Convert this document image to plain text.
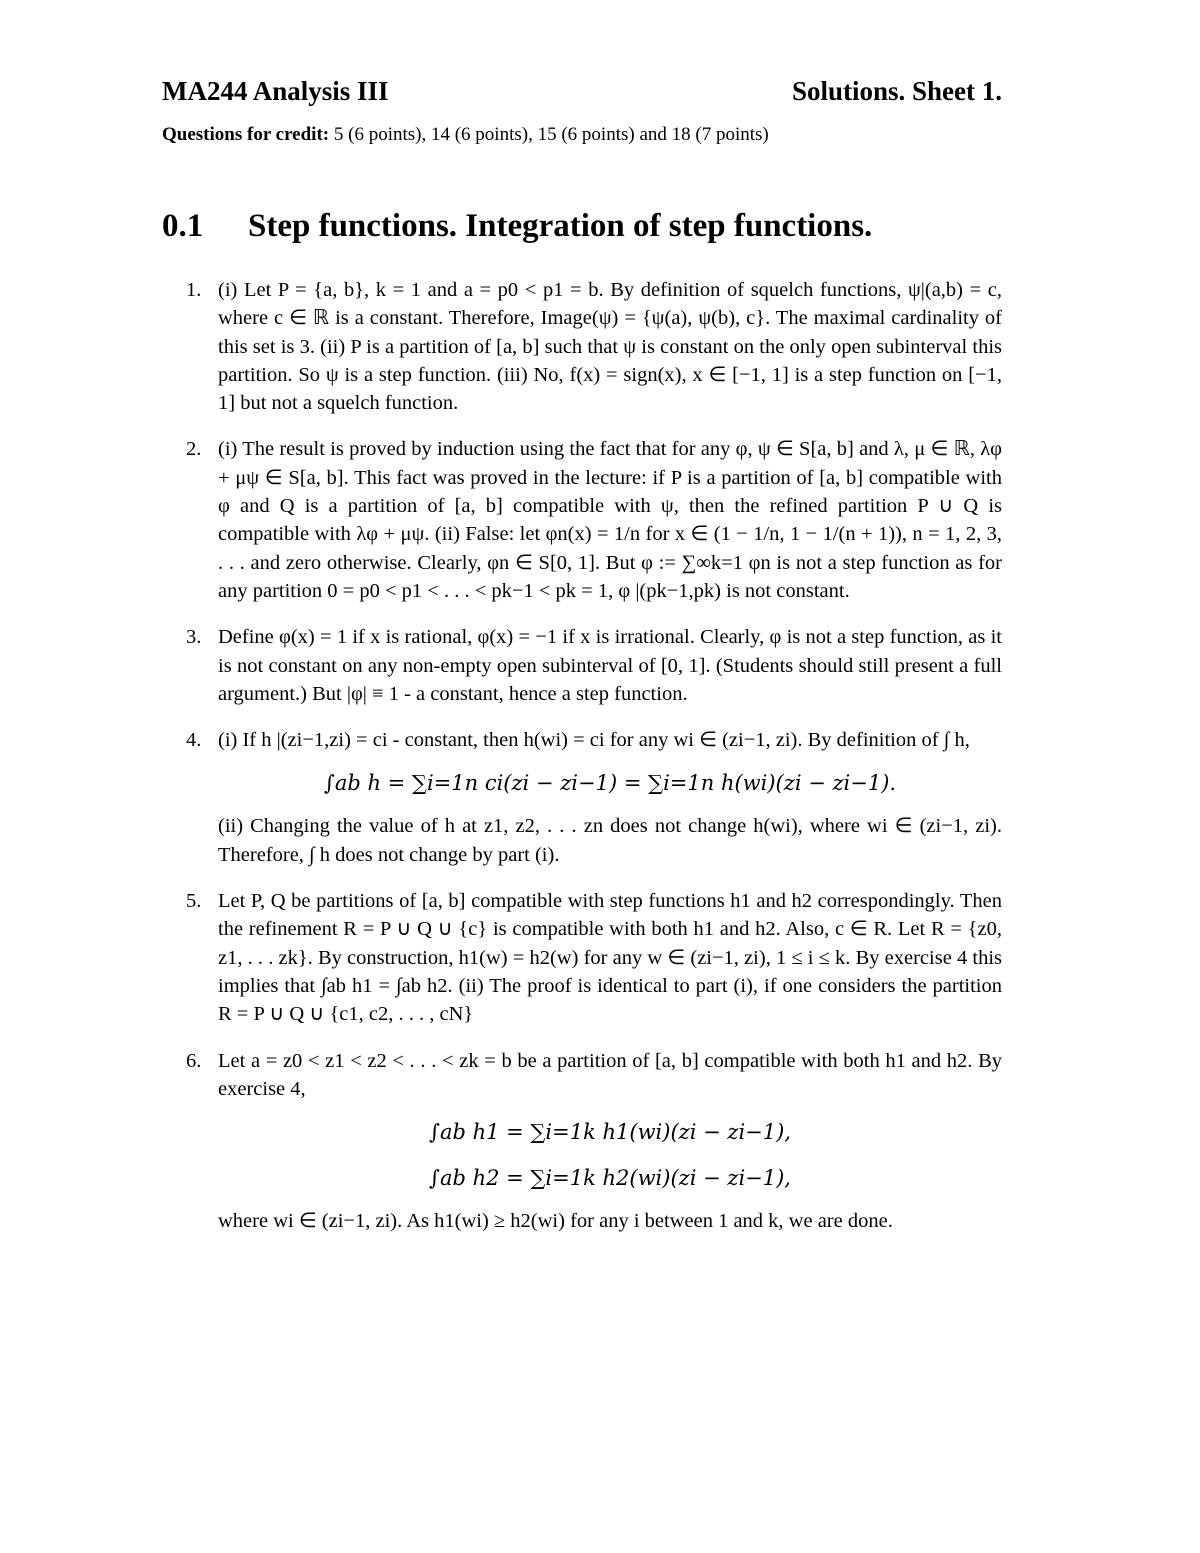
MA244 Analysis III	Solutions. Sheet 1.
Questions for credit: 5 (6 points), 14 (6 points), 15 (6 points) and 18 (7 points)
0.1 Step functions. Integration of step functions.
1. (i) Let P = {a, b}, k = 1 and a = p0 < p1 = b. By definition of squelch functions, ψ|(a,b) = c, where c ∈ ℝ is a constant. Therefore, Image(ψ) = {ψ(a), ψ(b), c}. The maximal cardinality of this set is 3. (ii) P is a partition of [a, b] such that ψ is constant on the only open subinterval this partition. So ψ is a step function. (iii) No, f(x) = sign(x), x ∈ [−1, 1] is a step function on [−1, 1] but not a squelch function.

2. (i) The result is proved by induction using the fact that for any φ, ψ ∈ S[a, b] and λ, μ ∈ ℝ, λφ + μψ ∈ S[a, b]. This fact was proved in the lecture: if P is a partition of [a, b] compatible with φ and Q is a partition of [a, b] compatible with ψ, then the refined partition P ∪ Q is compatible with λφ + μψ. (ii) False: let φn(x) = 1/n for x ∈ (1 − 1/n, 1 − 1/(n + 1)), n = 1, 2, 3, . . . and zero otherwise. Clearly, φn ∈ S[0, 1]. But φ := ∑∞k=1 φn is not a step function as for any partition 0 = p0 < p1 < . . . < pk−1 < pk = 1, φ |(pk−1,pk) is not constant.

3. Define φ(x) = 1 if x is rational, φ(x) = −1 if x is irrational. Clearly, φ is not a step function, as it is not constant on any non-empty open subinterval of [0, 1]. (Students should still present a full argument.) But |φ| ≡ 1 - a constant, hence a step function.

4. (i) If h |(zi−1,zi) = ci - constant, then h(wi) = ci for any wi ∈ (zi−1, zi). By definition of ∫ h,

∫ab h = ∑i=1n ci(zi − zi−1) = ∑i=1n h(wi)(zi − zi−1).

(ii) Changing the value of h at z1, z2, . . . zn does not change h(wi), where wi ∈ (zi−1, zi). Therefore, ∫ h does not change by part (i).

5. Let P, Q be partitions of [a, b] compatible with step functions h1 and h2 correspondingly. Then the refinement R = P ∪ Q ∪ {c} is compatible with both h1 and h2. Also, c ∈ R. Let R = {z0, z1, . . . zk}. By construction, h1(w) = h2(w) for any w ∈ (zi−1, zi), 1 ≤ i ≤ k. By exercise 4 this implies that ∫ab h1 = ∫ab h2. (ii) The proof is identical to part (i), if one considers the partition R = P ∪ Q ∪ {c1, c2, . . . , cN}

6. Let a = z0 < z1 < z2 < . . . < zk = b be a partition of [a, b] compatible with both h1 and h2. By exercise 4,

∫ab h1 = ∑i=1k h1(wi)(zi − zi−1),
∫ab h2 = ∑i=1k h2(wi)(zi − zi−1),

where wi ∈ (zi−1, zi). As h1(wi) ≥ h2(wi) for any i between 1 and k, we are done.
